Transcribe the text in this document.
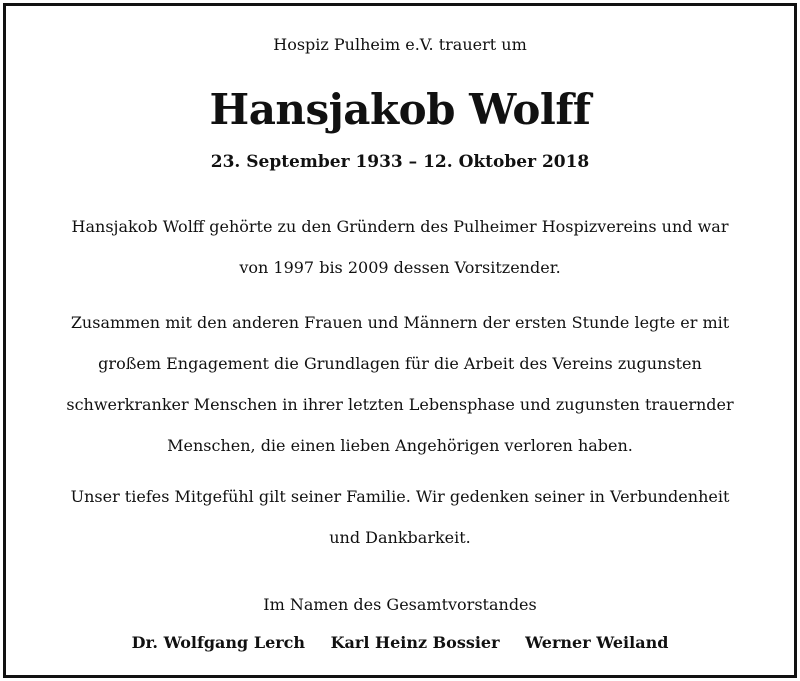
Hospiz Pulheim e.V. trauert um
Hansjakob Wolff
23. September 1933 – 12. Oktober 2018

Hansjakob Wolff gehörte zu den Gründern des Pulheimer Hospizvereins und war
von 1997 bis 2009 dessen Vorsitzender.

Zusammen mit den anderen Frauen und Männern der ersten Stunde legte er mit
großem Engagement die Grundlagen für die Arbeit des Vereins zugunsten
schwerkranker Menschen in ihrer letzten Lebensphase und zugunsten trauernder
Menschen, die einen lieben Angehörigen verloren haben.

Unser tiefes Mitgefühl gilt seiner Familie. Wir gedenken seiner in Verbundenheit
und Dankbarkeit.

Im Namen des Gesamtvorstandes
Dr. Wolfgang Lerch Karl Heinz Bossier Werner Weiland
